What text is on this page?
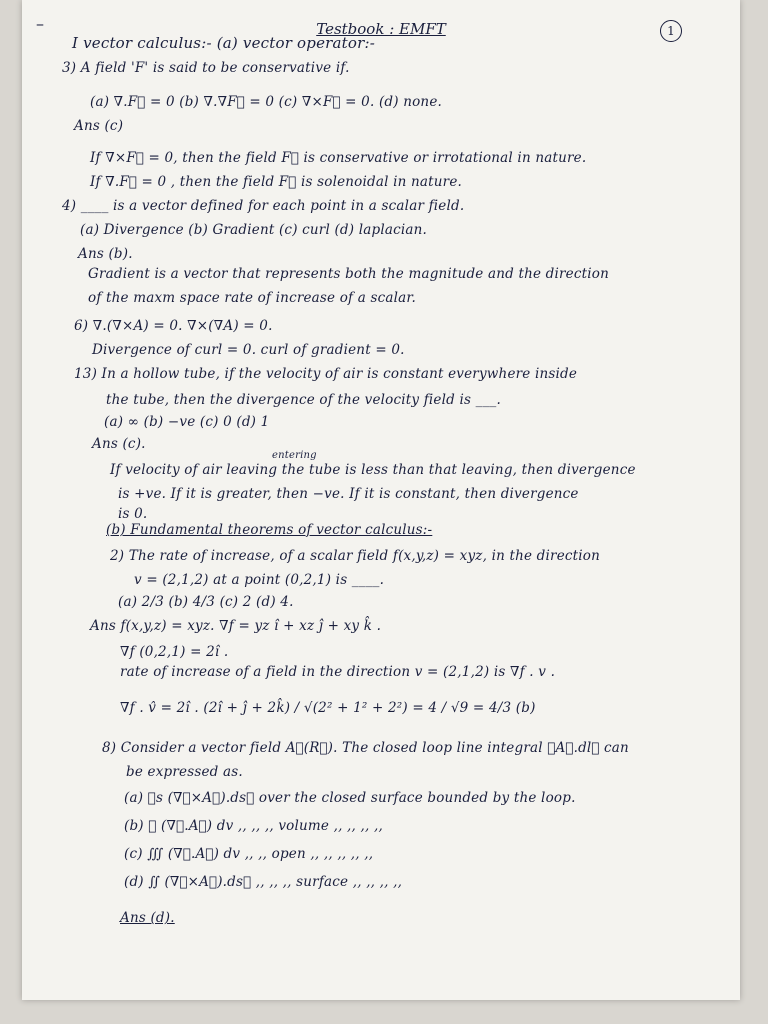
–	Testbook : EMFT	1
I vector calculus:- (a) vector operator:-
3) A field 'F' is said to be conservative if.
(a) ∇.F⃗ = 0 (b) ∇.∇F⃗ = 0 (c) ∇×F⃗ = 0. (d) none.
Ans (c)
If ∇×F⃗ = 0, then the field F⃗ is conservative or irrotational in nature.
If ∇.F⃗ = 0 , then the field F⃗ is solenoidal in nature.
4) ____ is a vector defined for each point in a scalar field.
(a) Divergence (b) Gradient (c) curl (d) laplacian.
Ans (b).
Gradient is a vector that represents both the magnitude and the direction
of the maxm space rate of increase of a scalar.
6) ∇.(∇×A) = 0. ∇×(∇A) = 0.
Divergence of curl = 0. curl of gradient = 0.
13) In a hollow tube, if the velocity of air is constant everywhere inside
the tube, then the divergence of the velocity field is ___.
(a) ∞ (b) −ve (c) 0 (d) 1
Ans (c).
entering
If velocity of air leaving the tube is less than that leaving, then divergence
is +ve. If it is greater, then −ve. If it is constant, then divergence
is 0.
(b) Fundamental theorems of vector calculus:-
2) The rate of increase, of a scalar field f(x,y,z) = xyz, in the direction
v = (2,1,2) at a point (0,2,1) is ____.
(a) 2/3 (b) 4/3 (c) 2 (d) 4.
Ans f(x,y,z) = xyz. ∇f = yz î + xz ĵ + xy k̂ .
∇f (0,2,1) = 2î .
rate of increase of a field in the direction v = (2,1,2) is ∇f . v .
∇f . v̂ = 2î . (2î + ĵ + 2k̂) / √(2² + 1² + 2²) = 4 / √9 = 4/3 (b)
8) Consider a vector field A⃗(R⃗). The closed loop line integral ∮A⃗.dl⃗ can
be expressed as.
(a) ∯s (∇⃗×A⃗).ds⃗ over the closed surface bounded by the loop.
(b) ∰ (∇⃗.A⃗) dv ,, ,, ,, volume ,, ,, ,, ,,
(c) ∭ (∇⃗.A⃗) dv ,, ,, open ,, ,, ,, ,, ,,
(d) ∬ (∇⃗×A⃗).ds⃗ ,, ,, ,, surface ,, ,, ,, ,,
Ans (d).
